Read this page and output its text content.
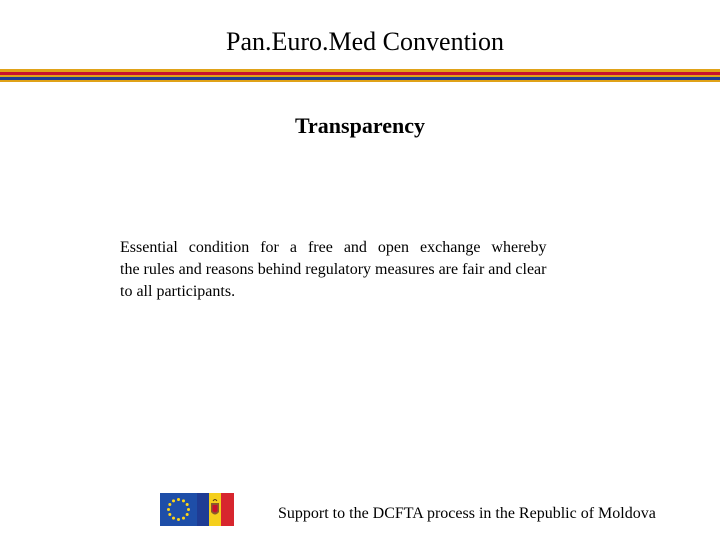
Pan.Euro.Med Convention
Transparency
Essential condition for a free and open exchange whereby
the rules and reasons behind regulatory measures are fair and clear
to all participants.
Support to the DCFTA process in the Republic of Moldova
